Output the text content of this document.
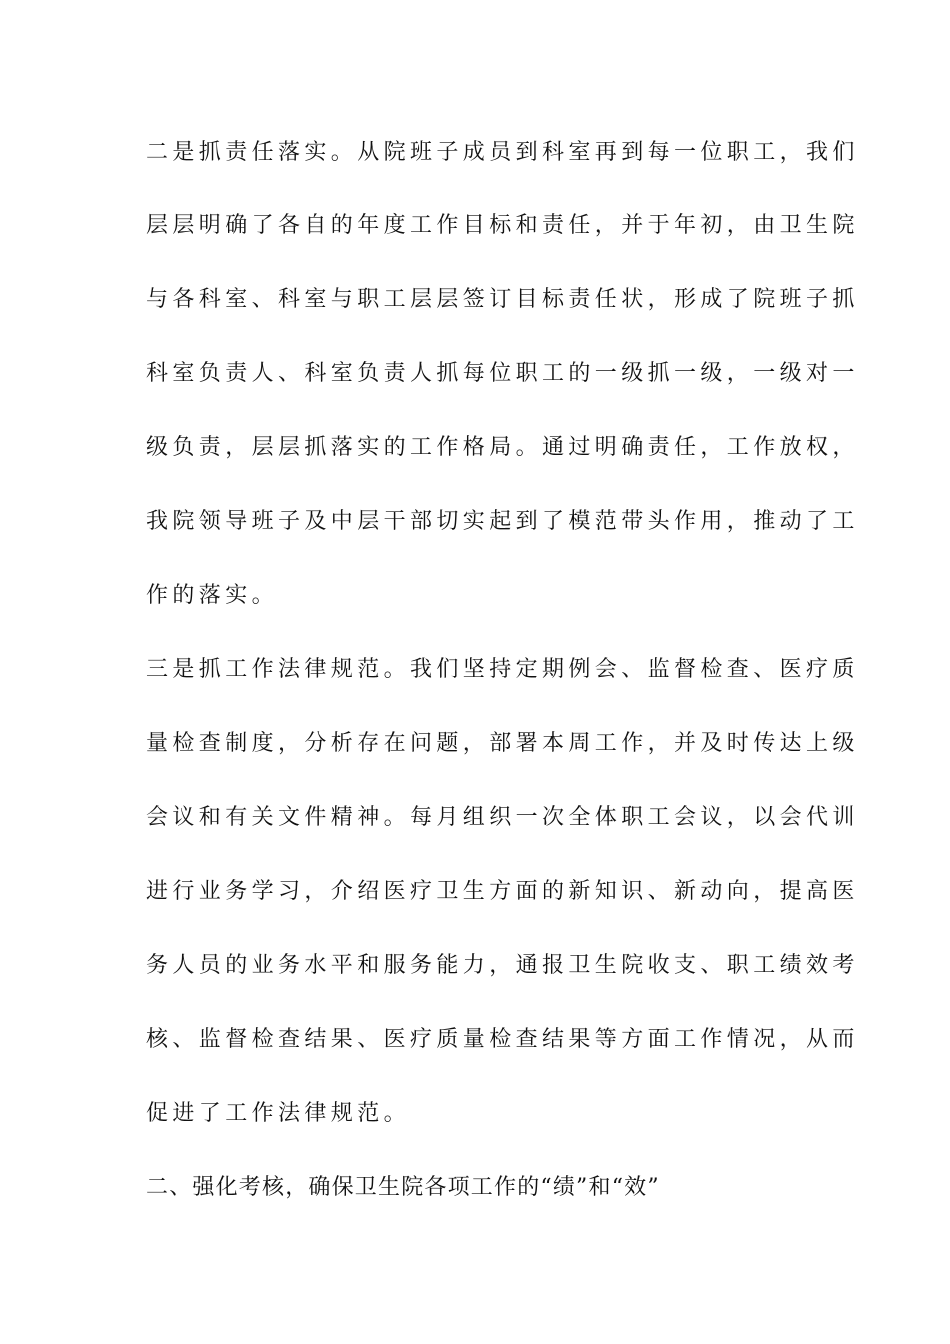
二是抓责任落实。从院班子成员到科室再到每一位职工，我们
层层明确了各自的年度工作目标和责任，并于年初，由卫生院
与各科室、科室与职工层层签订目标责任状，形成了院班子抓
科室负责人、科室负责人抓每位职工的一级抓一级，一级对一
级负责，层层抓落实的工作格局。通过明确责任，工作放权，
我院领导班子及中层干部切实起到了模范带头作用，推动了工
作的落实。
三是抓工作法律规范。我们坚持定期例会、监督检查、医疗质
量检查制度，分析存在问题，部署本周工作，并及时传达上级
会议和有关文件精神。每月组织一次全体职工会议，以会代训
进行业务学习，介绍医疗卫生方面的新知识、新动向，提高医
务人员的业务水平和服务能力，通报卫生院收支、职工绩效考
核、监督检查结果、医疗质量检查结果等方面工作情况，从而
促进了工作法律规范。
二、强化考核，确保卫生院各项工作的“绩”和“效”
